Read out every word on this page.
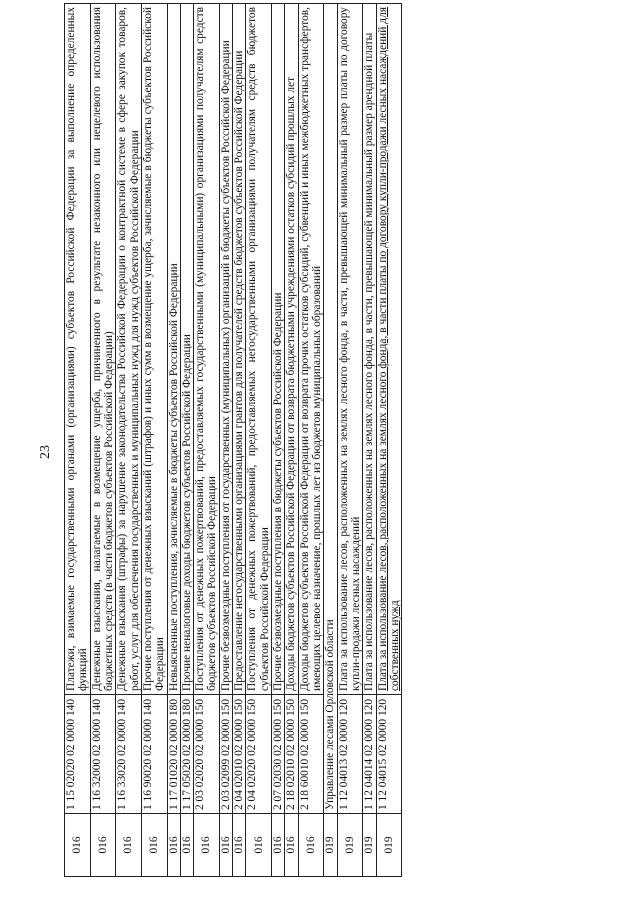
23
016	1 15 02020 02 0000 140	Платежи, взимаемые государственными органами (организациями) субъектов Российской Федерации за выполнение определенных функций
016	1 16 32000 02 0000 140	Денежные взыскания, налагаемые в возмещение ущерба, причиненного в результате незаконного или нецелевого использования бюджетных средств (в части бюджетов субъектов Российской Федерации)
016	1 16 33020 02 0000 140	Денежные взыскания (штрафы) за нарушение законодательства Российской Федерации о контрактной системе в сфере закупок товаров, работ, услуг для обеспечения государственных и муниципальных нужд для нужд субъектов Российской Федерации
016	1 16 90020 02 0000 140	Прочие поступления от денежных взысканий (штрафов) и иных сумм в возмещение ущерба, зачисляемые в бюджеты субъектов Российской Федерации
016	1 17 01020 02 0000 180	Невыясненные поступления, зачисляемые в бюджеты субъектов Российской Федерации
016	1 17 05020 02 0000 180	Прочие неналоговые доходы бюджетов субъектов Российской Федерации
016	2 03 02020 02 0000 150	Поступления от денежных пожертвований, предоставляемых государственными (муниципальными) организациями получателям средств бюджетов субъектов Российской Федерации
016	2 03 02099 02 0000 150	Прочие безвозмездные поступления от государственных (муниципальных) организаций в бюджеты субъектов Российской Федерации
016	2 04 02010 02 0000 150	Предоставление негосударственными организациями грантов для получателей средств бюджетов субъектов Российской Федерации
016	2 04 02020 02 0000 150	Поступления от денежных пожертвований, предоставляемых негосударственными организациями получателям средств бюджетов субъектов Российской Федерации
016	2 07 02030 02 0000 150	Прочие безвозмездные поступления в бюджеты субъектов Российской Федерации
016	2 18 02010 02 0000 150	Доходы бюджетов субъектов Российской Федерации от возврата бюджетными учреждениями остатков субсидий прошлых лет
016	2 18 60010 02 0000 150	Доходы бюджетов субъектов Российской Федерации от возврата прочих остатков субсидий, субвенций и иных межбюджетных трансфертов, имеющих целевое назначение, прошлых лет из бюджетов муниципальных образований
019	Управление лесами Орловской области	
019	1 12 04013 02 0000 120	Плата за использование лесов, расположенных на землях лесного фонда, в части, превышающей минимальный размер платы по договору купли-продажи лесных насаждений
019	1 12 04014 02 0000 120	Плата за использование лесов, расположенных на землях лесного фонда, в части, превышающей минимальный размер арендной платы
019	1 12 04015 02 0000 120	Плата за использование лесов, расположенных на землях лесного фонда, в части платы по договору купли-продажи лесных насаждений для собственных нужд
